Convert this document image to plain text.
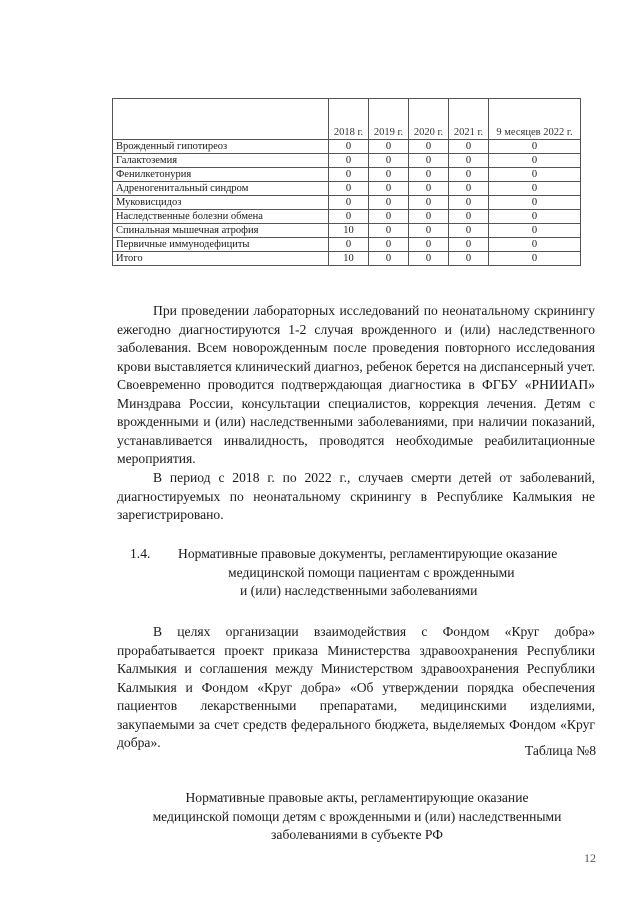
	2018 г.	2019 г.	2020 г.	2021 г.	9 месяцев 2022 г.
Врожденный гипотиреоз	0	0	0	0	0
Галактоземия	0	0	0	0	0
Фенилкетонурия	0	0	0	0	0
Адреногенитальный синдром	0	0	0	0	0
Муковисцидоз	0	0	0	0	0
Наследственные болезни обмена	0	0	0	0	0
Спинальная мышечная атрофия	10	0	0	0	0
Первичные иммунодефициты	0	0	0	0	0
Итого	10	0	0	0	0

При проведении лабораторных исследований по неонатальному скринингу ежегодно диагностируются 1-2 случая врожденного и (или) наследственного заболевания. Всем новорожденным после проведения повторного исследования крови выставляется клинический диагноз, ребенок берется на диспансерный учет. Своевременно проводится подтверждающая диагностика в ФГБУ «РНИИАП» Минздрава России, консультации специалистов, коррекция лечения. Детям с врожденными и (или) наследственными заболеваниями, при наличии показаний, устанавливается инвалидность, проводятся необходимые реабилитационные мероприятия.

В период с 2018 г. по 2022 г., случаев смерти детей от заболеваний, диагностируемых по неонатальному скринингу в Республике Калмыкия не зарегистрировано.

1.4. Нормативные правовые документы, регламентирующие оказание
медицинской помощи пациентам с врожденными
и (или) наследственными заболеваниями

В целях организации взаимодействия с Фондом «Круг добра» прорабатывается проект приказа Министерства здравоохранения Республики Калмыкия и соглашения между Министерством здравоохранения Республики Калмыкия и Фондом «Круг добра» «Об утверждении порядка обеспечения пациентов лекарственными препаратами, медицинскими изделиями, закупаемыми за счет средств федерального бюджета, выделяемых Фондом «Круг добра».

Таблица №8
Нормативные правовые акты, регламентирующие оказание
медицинской помощи детям с врожденными и (или) наследственными
заболеваниями в субъекте РФ
12
